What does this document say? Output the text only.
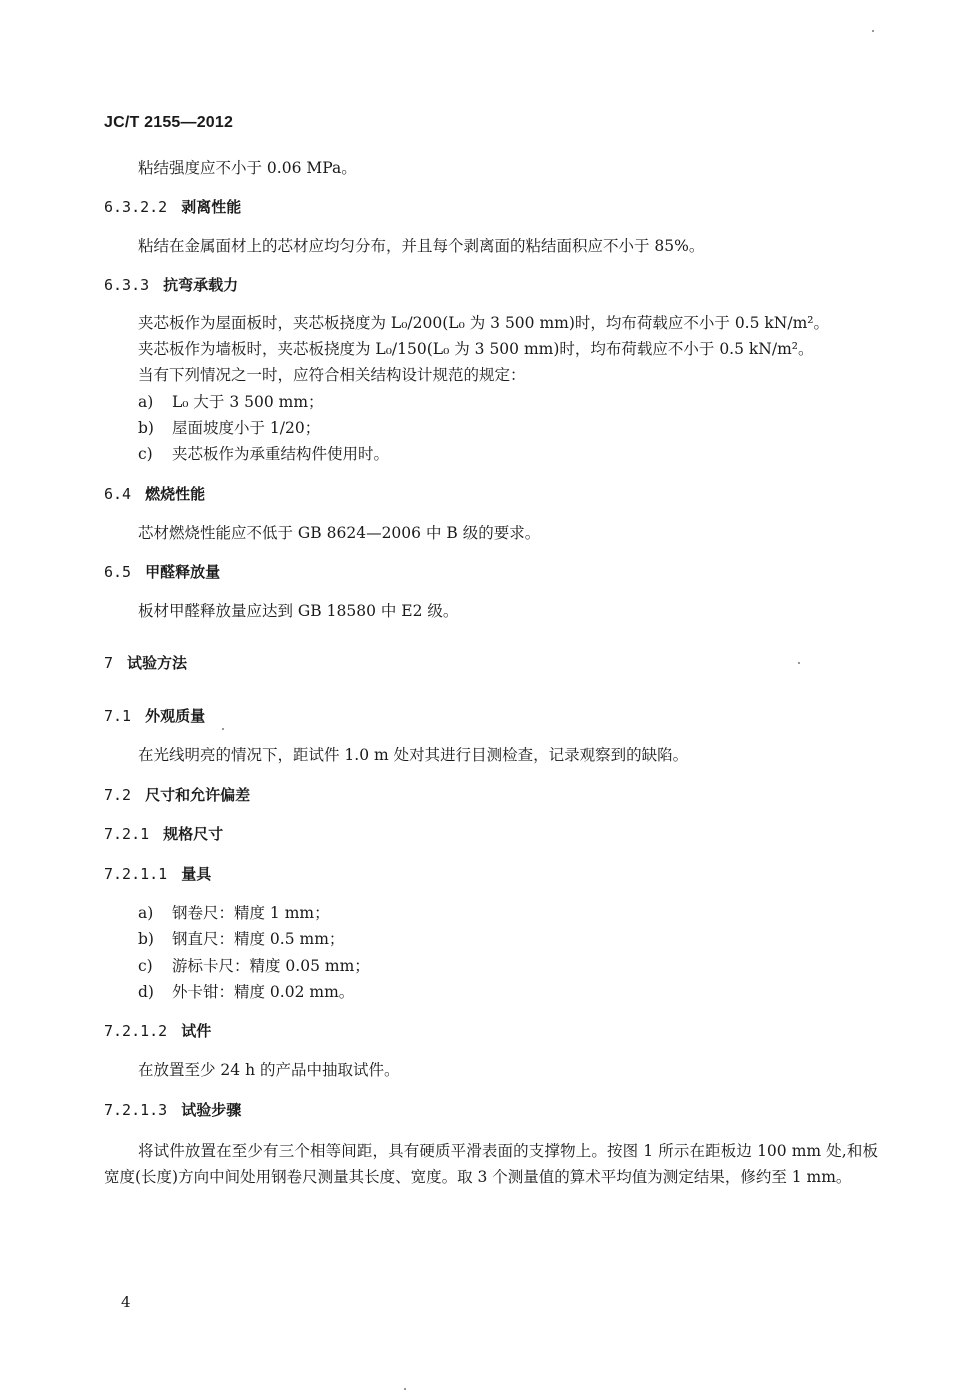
JC/T 2155—2012
粘结强度应不小于 0.06 MPa。
6.3.2.2 剥离性能
粘结在金属面材上的芯材应均匀分布，并且每个剥离面的粘结面积应不小于 85%。
6.3.3 抗弯承载力
夹芯板作为屋面板时，夹芯板挠度为 L₀/200(L₀ 为 3 500 mm)时，均布荷载应不小于 0.5 kN/m²。
夹芯板作为墙板时，夹芯板挠度为 L₀/150(L₀ 为 3 500 mm)时，均布荷载应不小于 0.5 kN/m²。
当有下列情况之一时，应符合相关结构设计规范的规定：
a) L₀ 大于 3 500 mm；
b) 屋面坡度小于 1/20；
c) 夹芯板作为承重结构件使用时。
6.4 燃烧性能
芯材燃烧性能应不低于 GB 8624—2006 中 B 级的要求。
6.5 甲醛释放量
板材甲醛释放量应达到 GB 18580 中 E2 级。
7 试验方法
7.1 外观质量
在光线明亮的情况下，距试件 1.0 m 处对其进行目测检查，记录观察到的缺陷。
7.2 尺寸和允许偏差
7.2.1 规格尺寸
7.2.1.1 量具
a) 钢卷尺：精度 1 mm；
b) 钢直尺：精度 0.5 mm；
c) 游标卡尺：精度 0.05 mm；
d) 外卡钳：精度 0.02 mm。
7.2.1.2 试件
在放置至少 24 h 的产品中抽取试件。
7.2.1.3 试验步骤
将试件放置在至少有三个相等间距，具有硬质平滑表面的支撑物上。按图 1 所示在距板边 100 mm 处,和板宽度(长度)方向中间处用钢卷尺测量其长度、宽度。取 3 个测量值的算术平均值为测定结果，修约至 1 mm。
4
